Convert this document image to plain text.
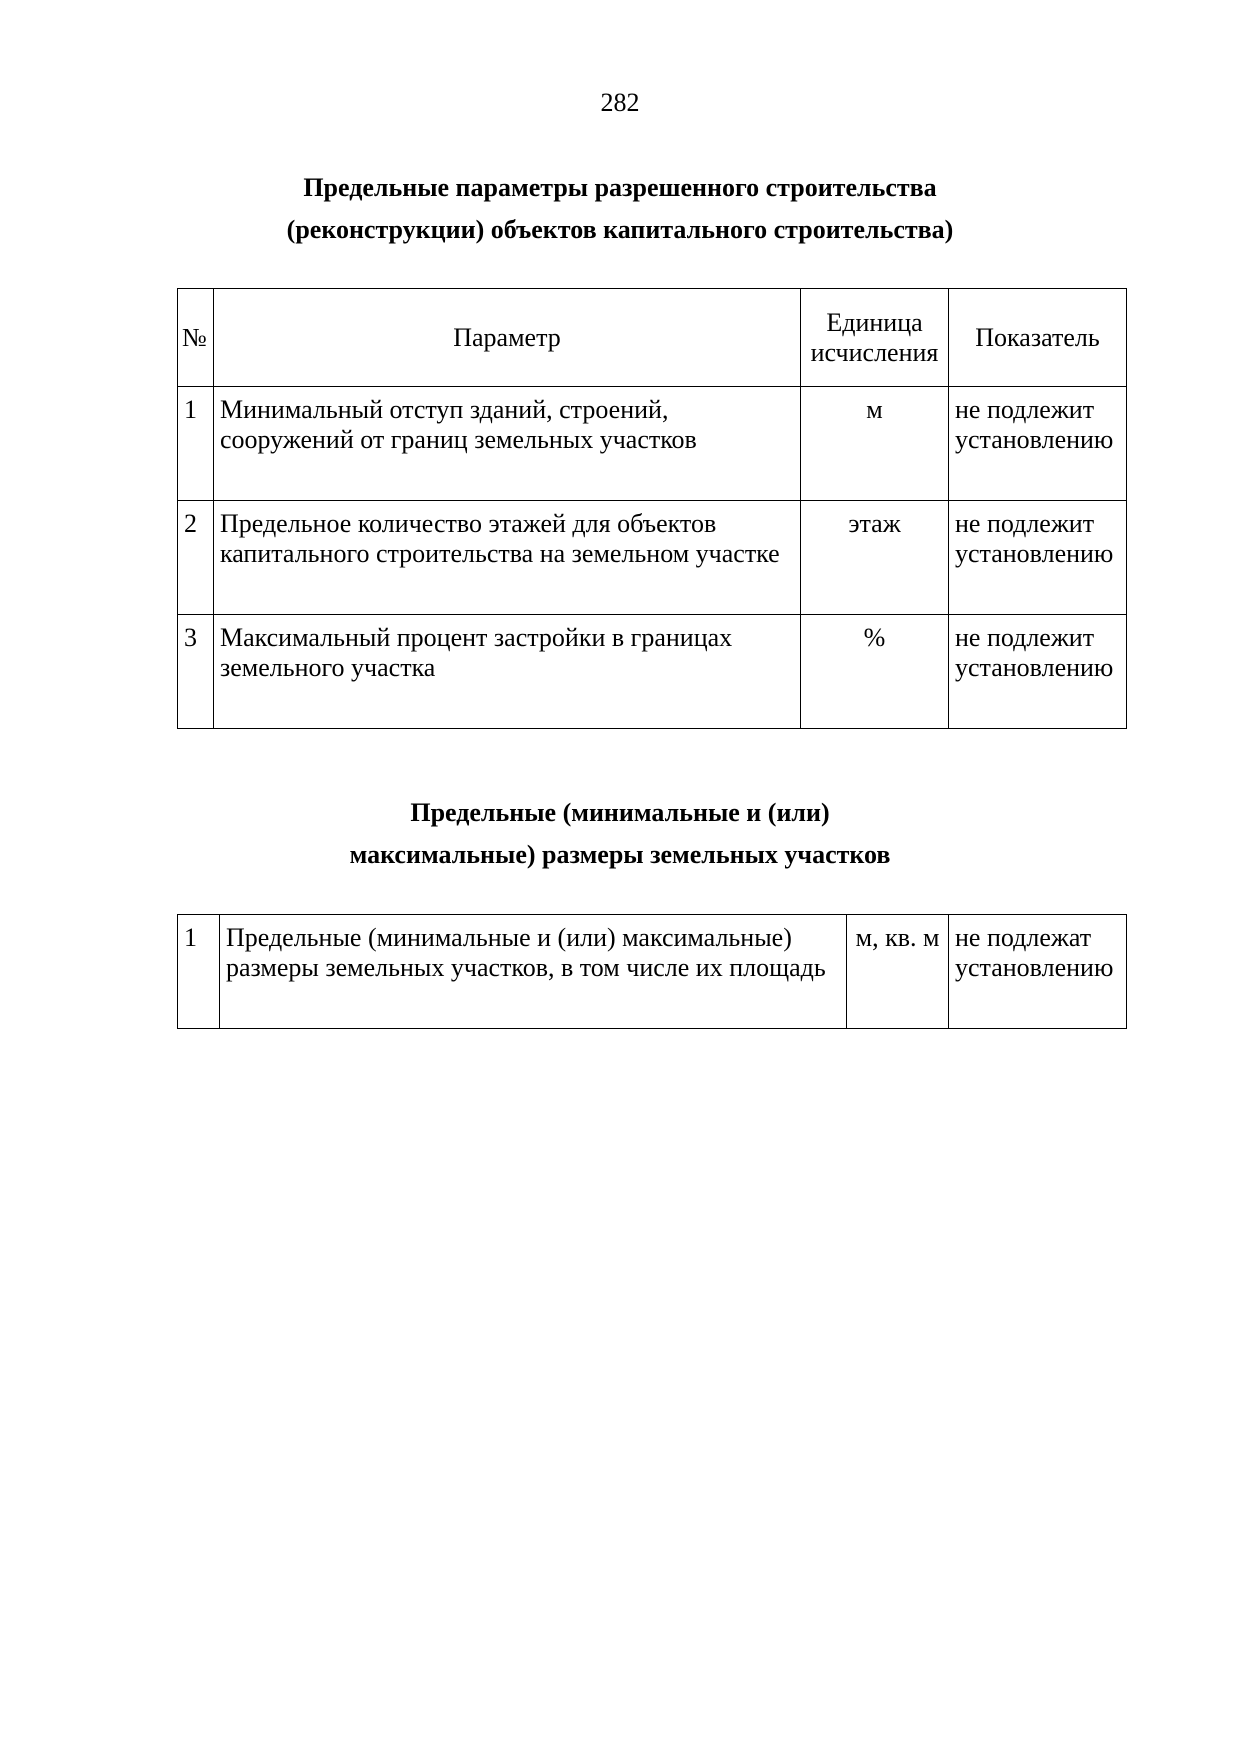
282
Предельные параметры разрешенного строительства
(реконструкции) объектов капитального строительства)
№	Параметр	Единица исчисления	Показатель
1	Минимальный отступ зданий, строений, сооружений от границ земельных участков	м	не подлежит установлению
2	Предельное количество этажей для объектов капитального строительства на земельном участке	этаж	не подлежит установлению
3	Максимальный процент застройки в границах земельного участка	%	не подлежит установлению
Предельные (минимальные и (или)
максимальные) размеры земельных участков
1	Предельные (минимальные и (или) максимальные) размеры земельных участков, в том числе их площадь	м, кв. м	не подлежат установлению
